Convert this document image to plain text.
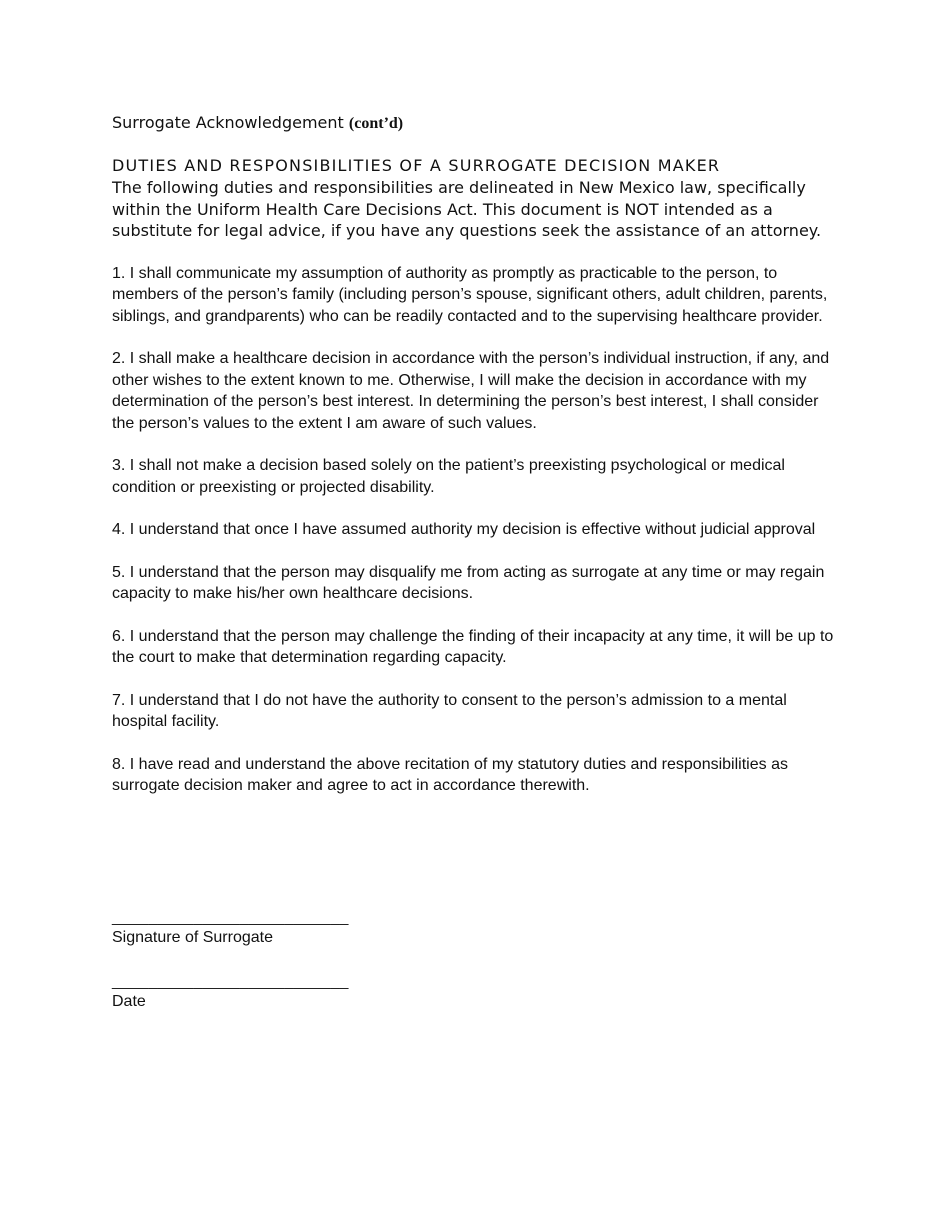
Surrogate Acknowledgement (cont’d)

DUTIES AND RESPONSIBILITIES OF A SURROGATE DECISION MAKER

The following duties and responsibilities are delineated in New Mexico law, specifically within the Uniform Health Care Decisions Act. This document is NOT intended as a substitute for legal advice, if you have any questions seek the assistance of an attorney.

1. I shall communicate my assumption of authority as promptly as practicable to the person, to members of the person’s family (including person’s spouse, significant others, adult children, parents, siblings, and grandparents) who can be readily contacted and to the supervising healthcare provider.

2. I shall make a healthcare decision in accordance with the person’s individual instruction, if any, and other wishes to the extent known to me. Otherwise, I will make the decision in accordance with my determination of the person’s best interest. In determining the person’s best interest, I shall consider the person’s values to the extent I am aware of such values.

3. I shall not make a decision based solely on the patient’s preexisting psychological or medical condition or preexisting or projected disability.

4. I understand that once I have assumed authority my decision is effective without judicial approval

5. I understand that the person may disqualify me from acting as surrogate at any time or may regain capacity to make his/her own healthcare decisions.

6. I understand that the person may challenge the finding of their incapacity at any time, it will be up to the court to make that determination regarding capacity.

7. I understand that I do not have the authority to consent to the person’s admission to a mental hospital facility.

8. I have read and understand the above recitation of my statutory duties and responsibilities as surrogate decision maker and agree to act in accordance therewith.

__________________________
Signature of Surrogate
__________________________
Date
